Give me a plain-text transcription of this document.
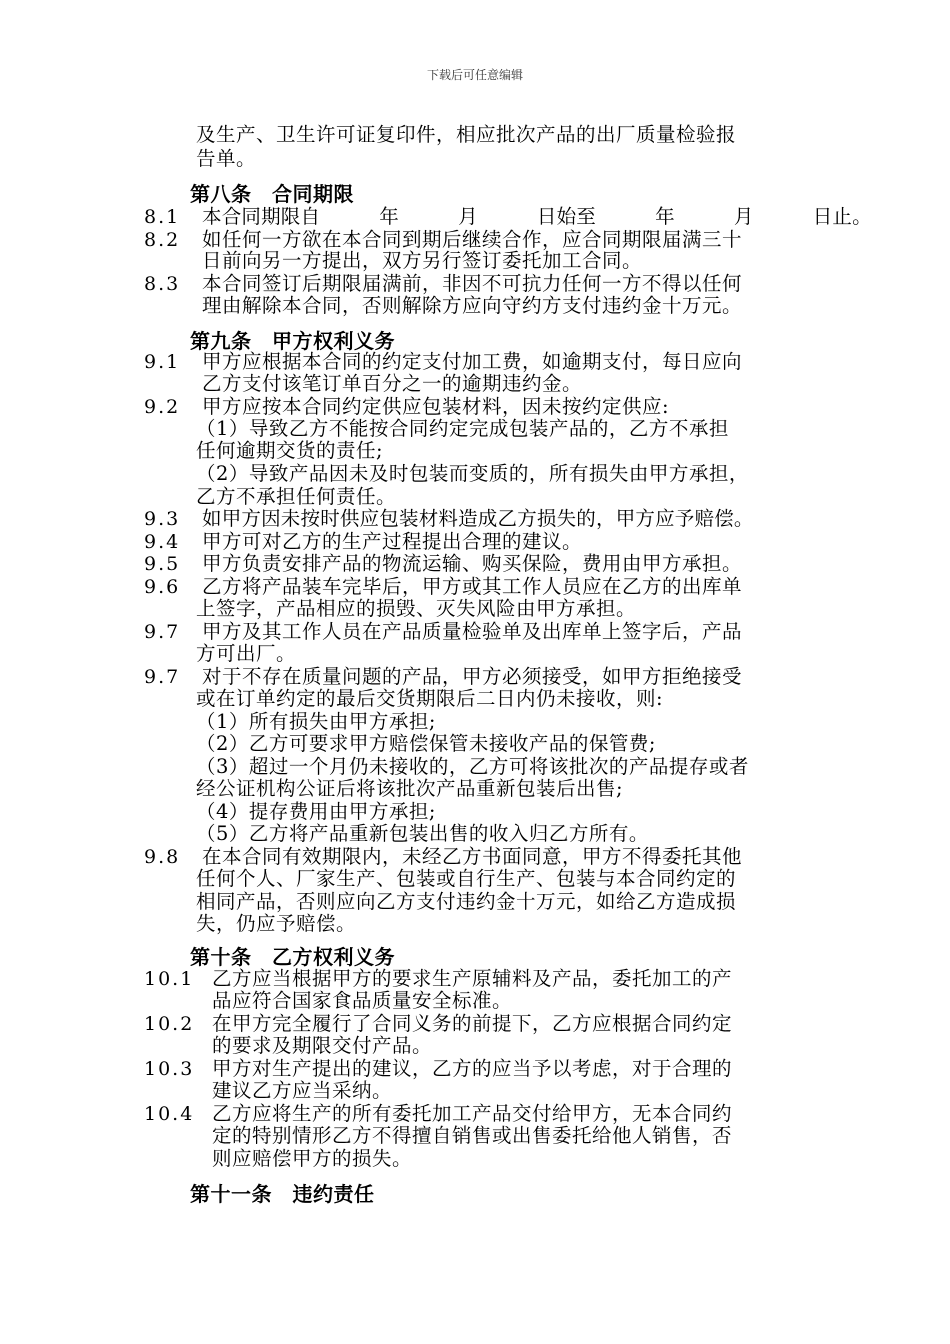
下载后可任意编辑
及生产、卫生许可证复印件，相应批次产品的出厂质量检验报
告单。
第八条　合同期限
8.1 本合同期限自　　　年　　　月　　　日始至　　　年　　　月　　　日止。
8.2 如任何一方欲在本合同到期后继续合作，应合同期限届满三十
日前向另一方提出，双方另行签订委托加工合同。
8.3 本合同签订后期限届满前，非因不可抗力任何一方不得以任何
理由解除本合同，否则解除方应向守约方支付违约金十万元。
第九条　甲方权利义务
9.1 甲方应根据本合同的约定支付加工费，如逾期支付，每日应向
乙方支付该笔订单百分之一的逾期违约金。
9.2 甲方应按本合同约定供应包装材料，因未按约定供应:
（1）导致乙方不能按合同约定完成包装产品的，乙方不承担
任何逾期交货的责任;
（2）导致产品因未及时包装而变质的，所有损失由甲方承担，
乙方不承担任何责任。
9.3 如甲方因未按时供应包装材料造成乙方损失的，甲方应予赔偿。
9.4 甲方可对乙方的生产过程提出合理的建议。
9.5 甲方负责安排产品的物流运输、购买保险，费用由甲方承担。
9.6 乙方将产品装车完毕后，甲方或其工作人员应在乙方的出库单
上签字，产品相应的损毁、灭失风险由甲方承担。
9.7 甲方及其工作人员在产品质量检验单及出库单上签字后，产品
方可出厂。
9.7 对于不存在质量问题的产品，甲方必须接受，如甲方拒绝接受
或在订单约定的最后交货期限后二日内仍未接收，则:
（1）所有损失由甲方承担;
（2）乙方可要求甲方赔偿保管未接收产品的保管费;
（3）超过一个月仍未接收的，乙方可将该批次的产品提存或者
经公证机构公证后将该批次产品重新包装后出售;
（4）提存费用由甲方承担;
（5）乙方将产品重新包装出售的收入归乙方所有。
9.8 在本合同有效期限内，未经乙方书面同意，甲方不得委托其他
任何个人、厂家生产、包装或自行生产、包装与本合同约定的
相同产品，否则应向乙方支付违约金十万元，如给乙方造成损
失，仍应予赔偿。
第十条　乙方权利义务
10.1 乙方应当根据甲方的要求生产原辅料及产品，委托加工的产
品应符合国家食品质量安全标准。
10.2 在甲方完全履行了合同义务的前提下，乙方应根据合同约定
的要求及期限交付产品。
10.3 甲方对生产提出的建议，乙方的应当予以考虑，对于合理的
建议乙方应当采纳。
10.4 乙方应将生产的所有委托加工产品交付给甲方，无本合同约
定的特别情形乙方不得擅自销售或出售委托给他人销售，否
则应赔偿甲方的损失。
第十一条　违约责任
